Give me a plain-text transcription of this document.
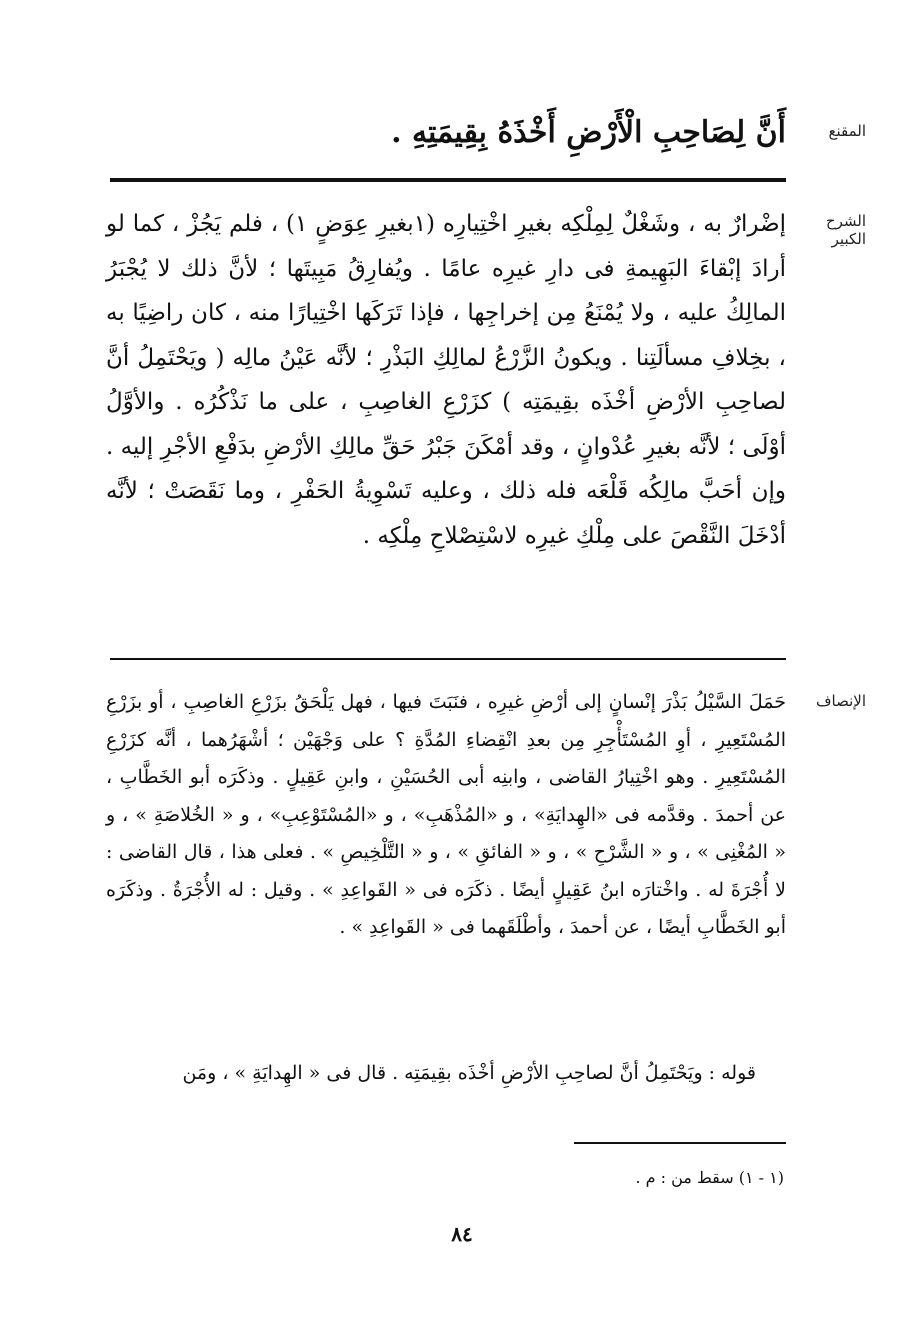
المقنع

أَنَّ لِصَاحِبِ الْأَرْضِ أَخْذَهُ بِقِيمَتِهِ .

الشرح الكبير

إضْرارٌ به ، وشَغْلٌ لِمِلْكِه بغيرِ اخْتِيارِه (١بغيرِ عِوَضٍ ١) ، فلم يَجُزْ ، كما لو أرادَ إبْقاءَ البَهِيمةِ فى دارِ غيرِه عامًا . ويُفارِقُ مَبِيتَها ؛ لأنَّ ذلك لا يُجْبَرُ المالِكُ عليه ، ولا يُمْنَعُ مِن إخراجِها ، فإذا تَرَكَها اخْتِيارًا منه ، كان راضِيًا به ، بخِلافِ مسألَتِنا . ويكونُ الزَّرْعُ لمالِكِ البَذْرِ ؛ لأنَّه عَيْنُ مالِه ( ويَحْتَمِلُ أنَّ لصاحِبِ الأرْضِ أخْذَه بقِيمَتِه ) كزَرْعِ الغاصِبِ ، على ما نَذْكُرُه . والأوَّلُ أوْلَى ؛ لأنَّه بغيرِ عُدْوانٍ ، وقد أمْكَنَ جَبْرُ حَقِّ مالِكِ الأرْضِ بدَفْعِ الأجْرِ إليه . وإن أحَبَّ مالِكُه قَلْعَه فله ذلك ، وعليه تَسْوِيةُ الحَفْرِ ، وما نَقَصَتْ ؛ لأنَّه أدْخَلَ النَّقْصَ على مِلْكِ غيرِه لاسْتِصْلاحِ مِلْكِه .

الإنصاف

حَمَلَ السَّيْلُ بَذْرَ إنْسانٍ إلى أرْضِ غيرِه ، فنَبَتَ فيها ، فهل يَلْحَقُ بزَرْعِ الغاصِبِ ، أو بزَرْعِ المُسْتَعِيرِ ، أوِ المُسْتَأْجِرِ مِن بعدِ انْقِضاءِ المُدَّةِ ؟ على وَجْهَيْن ؛ أشْهَرُهما ، أنَّه كزَرْعِ المُسْتَعِيرِ . وهو اخْتِيارُ القاضى ، وابنِه أبى الحُسَيْنِ ، وابنِ عَقِيلٍ . وذكَرَه أبو الخَطَّابِ ، عن أحمدَ . وقدَّمه فى «الهِدايَةِ» ، و «المُذْهَبِ» ، و «المُسْتَوْعِبِ» ، و « الخُلاصَةِ » ، و « المُغْنِى » ، و « الشَّرْحِ » ، و « الفائقِ » ، و « التَّلْخِيصِ » . فعلى هذا ، قال القاضى : لا أُجْرَةَ له . واخْتارَه ابنُ عَقِيلٍ أيضًا . ذكَرَه فى « القَواعِدِ » . وقيل : له الأُجْرَةُ . وذكَرَه أبو الخَطَّابِ أيضًا ، عن أحمدَ ، وأطْلَقَهما فى « القَواعِدِ » .

قوله : ويَحْتَمِلُ أنَّ لصاحِبِ الأرْضِ أخْذَه بقِيمَتِه . قال فى « الهِدايَةِ » ، ومَن

(١ - ١) سقط من : م .
٨٤
